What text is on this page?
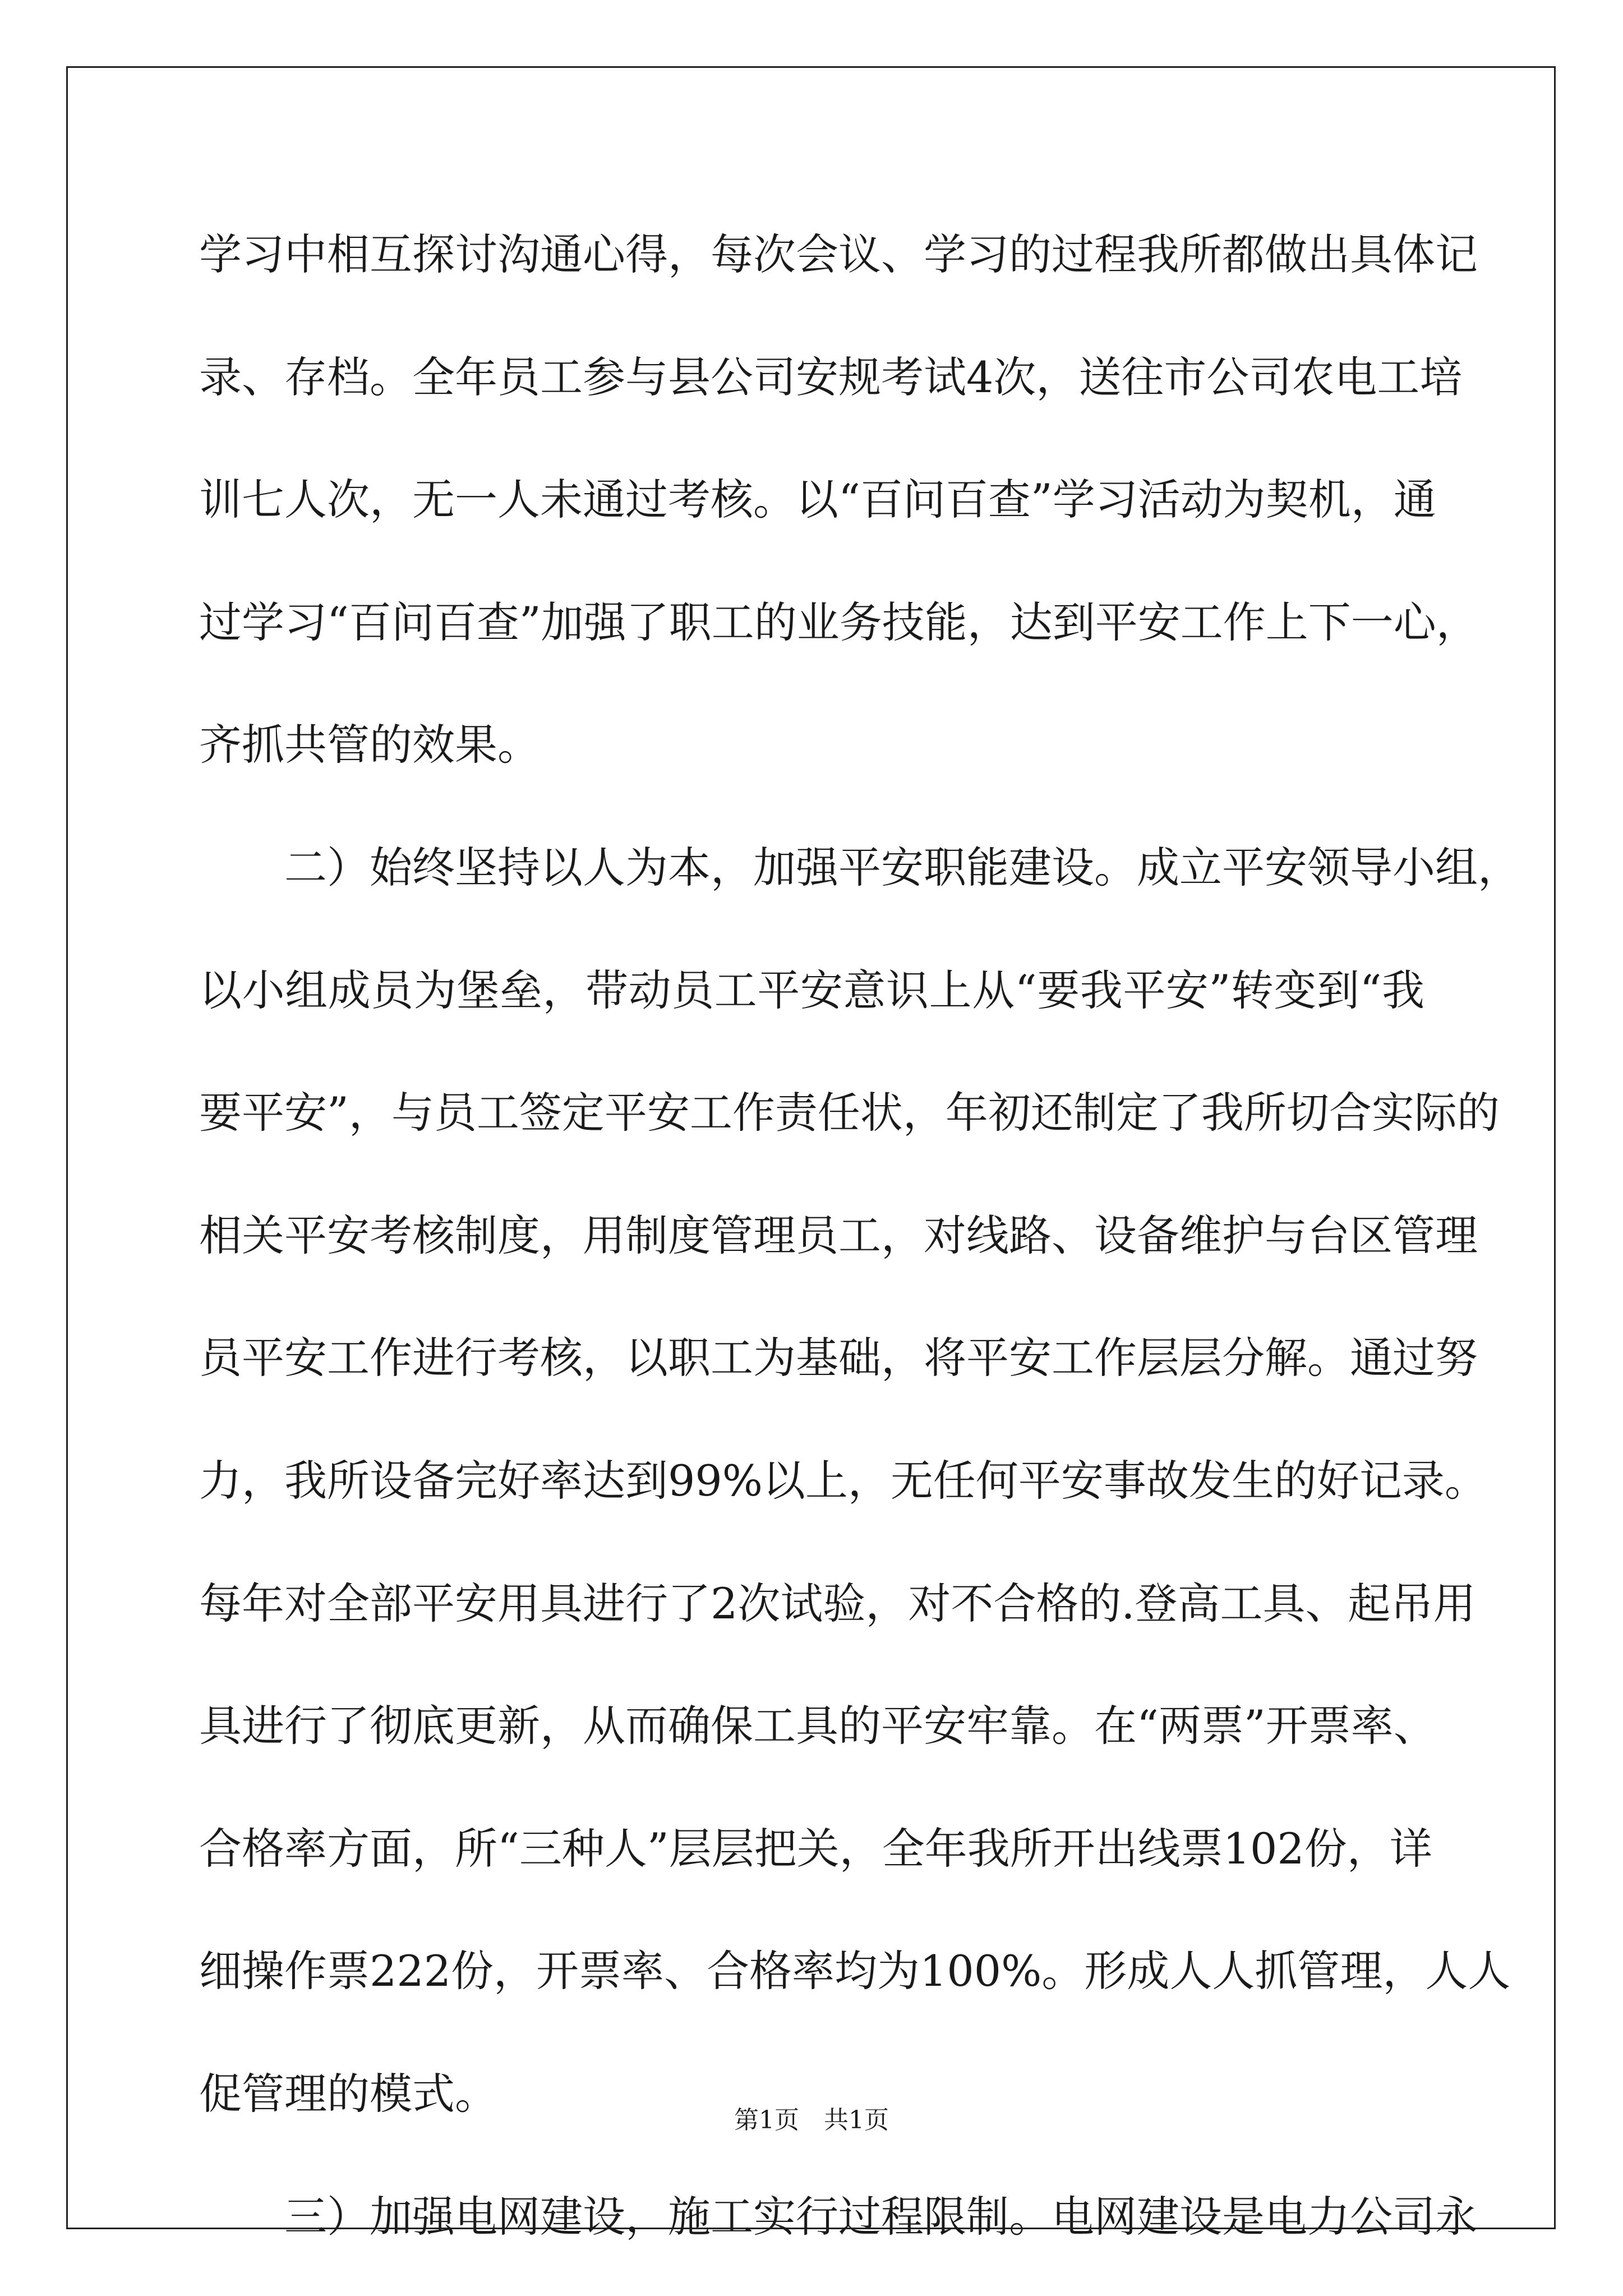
学习中相互探讨沟通心得，每次会议、学习的过程我所都做出具体记
录、存档。全年员工参与县公司安规考试4次，送往市公司农电工培
训七人次，无一人未通过考核。以“百问百查”学习活动为契机，通
过学习“百问百查”加强了职工的业务技能，达到平安工作上下一心，
齐抓共管的效果。
二）始终坚持以人为本，加强平安职能建设。成立平安领导小组，
以小组成员为堡垒，带动员工平安意识上从“要我平安”转变到“我
要平安”，与员工签定平安工作责任状，年初还制定了我所切合实际的
相关平安考核制度，用制度管理员工，对线路、设备维护与台区管理
员平安工作进行考核，以职工为基础，将平安工作层层分解。通过努
力，我所设备完好率达到99%以上，无任何平安事故发生的好记录。
每年对全部平安用具进行了2次试验，对不合格的.登高工具、起吊用
具进行了彻底更新，从而确保工具的平安牢靠。在“两票”开票率、
合格率方面，所“三种人”层层把关，全年我所开出线票102份，详
细操作票222份，开票率、合格率均为100%。形成人人抓管理，人人
促管理的模式。
三）加强电网建设，施工实行过程限制。电网建设是电力公司永
第1页 共1页
